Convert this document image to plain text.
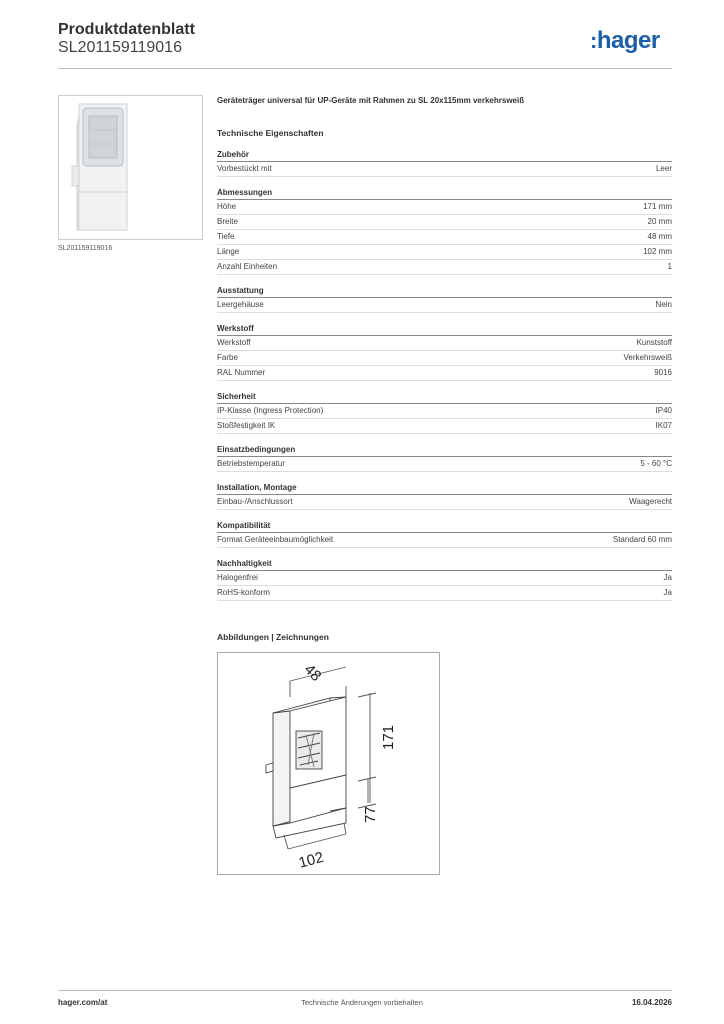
Produktdatenblatt
SL201159119016	:hager
SL201159119016
Geräteträger universal für UP-Geräte mit Rahmen zu SL 20x115mm verkehrsweiß
Technische Eigenschaften
Zubehör
Vorbestückt mit	Leer
Abmessungen
Höhe	171 mm
Breite	20 mm
Tiefe	48 mm
Länge	102 mm
Anzahl Einheiten	1
Ausstattung
Leergehäuse	Nein
Werkstoff
Werkstoff	Kunststoff
Farbe	Verkehrsweiß
RAL Nummer	9016
Sicherheit
IP-Klasse (Ingress Protection)	IP40
Stoßfestigkeit IK	IK07
Einsatzbedingungen
Betriebstemperatur	5 - 60 °C
Installation, Montage
Einbau-/Anschlussort	Waagerecht
Kompatibilität
Format Geräteeinbaumöglichkeit	Standard 60 mm
Nachhaltigkeit
Halogenfrei	Ja
RoHS-konform	Ja
Abbildungen | Zeichnungen
48
171
77
102
hager.com/at	Technische Änderungen vorbehalten	16.04.2026
